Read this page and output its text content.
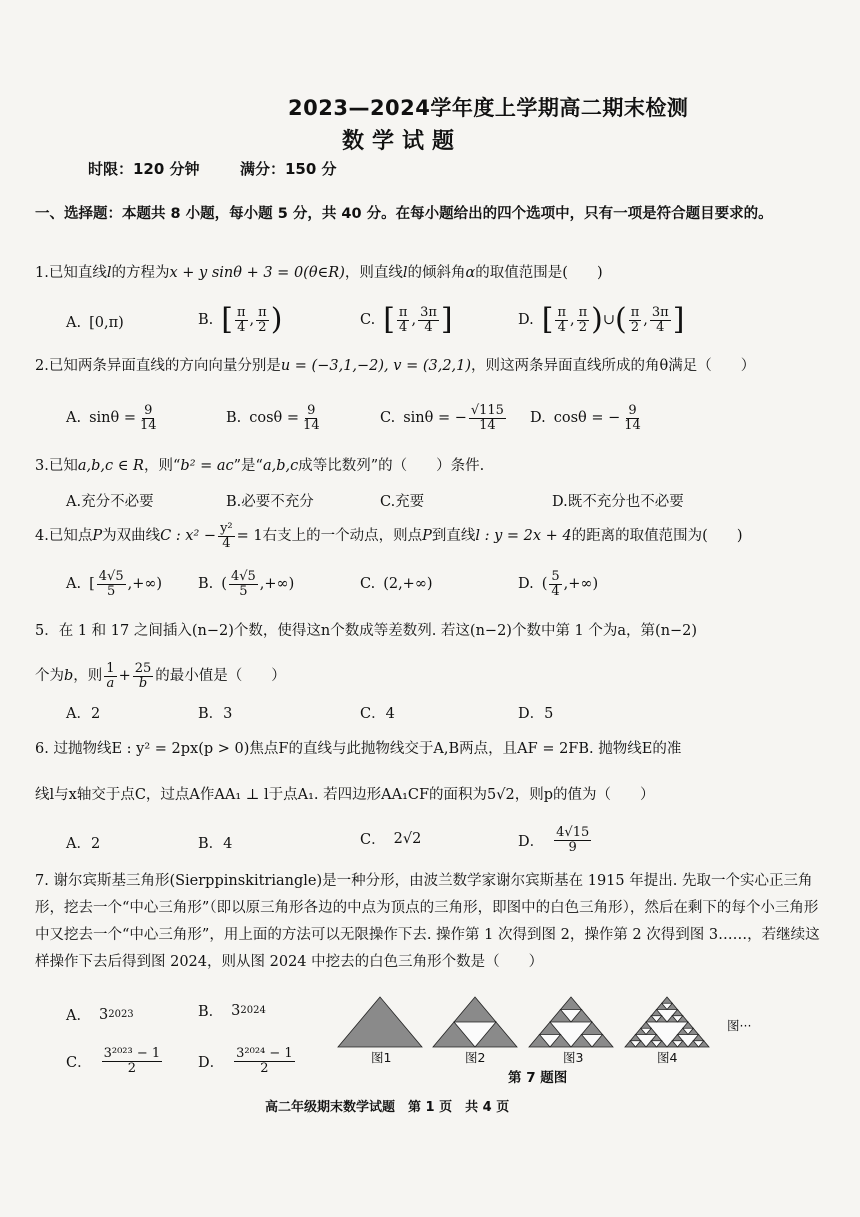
2023—2024学年度上学期高二期末检测
数学试题
时限：120 分钟	满分：150 分
一、选择题：本题共 8 小题，每小题 5 分，共 40 分。在每小题给出的四个选项中，只有一项是符合题目要求的。
1.已知直线l的方程为x + y sinθ + 3 = 0(θ∈R)，则直线l的倾斜角α的取值范围是(　　)
A. [0,π)	B. [ $\frac{\pi}{4}$ , $\frac{\pi}{2}$ )	C. [ $\frac{\pi}{4}$ , $\frac{3\pi}{4}$ ]	D. [ $\frac{\pi}{4}$ , $\frac{\pi}{2}$ ) ∪ ( $\frac{\pi}{2}$ , $\frac{3\pi}{4}$ ]
2.已知两条异面直线的方向向量分别是u = (−3,1,−2), v = (3,2,1)，则这两条异面直线所成的角θ满足（　　）
A. $\sin\theta = \frac{9}{14}$	B. $\cos\theta = \frac{9}{14}$	C. sinθ = − $\frac{√115}{14} D$. cosθ = − $\frac{9}{14}$
3.已知a,b,c ∈ R，则“b² = ac”是“a,b,c成等比数列”的（　　）条件.
A.充分不必要	B.必要不充分	C.充要	D.既不充分也不必要
4. 已知点 P 为双曲线 C : $x^2 - \frac{\text{y²}}{4} = 1$ 右支上的一个动点，则点 P 到直线 l : y = 2x + 4 的距离的取值范围为(　　)
A. [ $\frac{4√5}{5}$ ,+∞) B. ( $\frac{4√5}{5}$ ,+∞)	C. (2,+∞)	D. ( $\frac{5}{4}$ ,+∞)
5．在 1 和 17 之间插入(n−2)个数，使得这n个数成等差数列. 若这(n−2)个数中第 1 个为a，第(n−2)
个为 b ，则 $\frac{1}{a} + \frac{25}{b}$ 的最小值是（　　）
A．2	B．3	C．4	D．5
6. 过抛物线E : y² = 2px(p > 0)焦点F的直线与此抛物线交于A,B两点，且AF = 2FB. 抛物线E的准
线l与x轴交于点C，过点A作AA₁ ⊥ l于点A₁. 若四边形AA₁CF的面积为5√2，则p的值为（　　）
A．2	B．4	C． 2√2	D． $\frac{4√15}{9}$
7. 谢尔宾斯基三角形(Sierppinskitriangle)是一种分形，由波兰数学家谢尔宾斯基在 1915 年提出. 先取一个实心正三角形，挖去一个“中心三角形”（即以原三角形各边的中点为顶点的三角形，即图中的白色三角形），然后在剩下的每个小三角形中又挖去一个“中心三角形”，用上面的方法可以无限操作下去. 操作第 1 次得到图 2，操作第 2 次得到图 3……，若继续这样操作下去后得到图 2024，则从图 2024 中挖去的白色三角形个数是（　　）
A． 3 2023	B． 3 2024
C． $\frac{\text{3²⁰²³ − 1}}{2}$ D． $\frac{\text{3²⁰²⁴ − 1}}{2}$	图1	图2	图3	图4
图···
第 7 题图
高二年级期末数学试题　第 1 页　共 4 页
